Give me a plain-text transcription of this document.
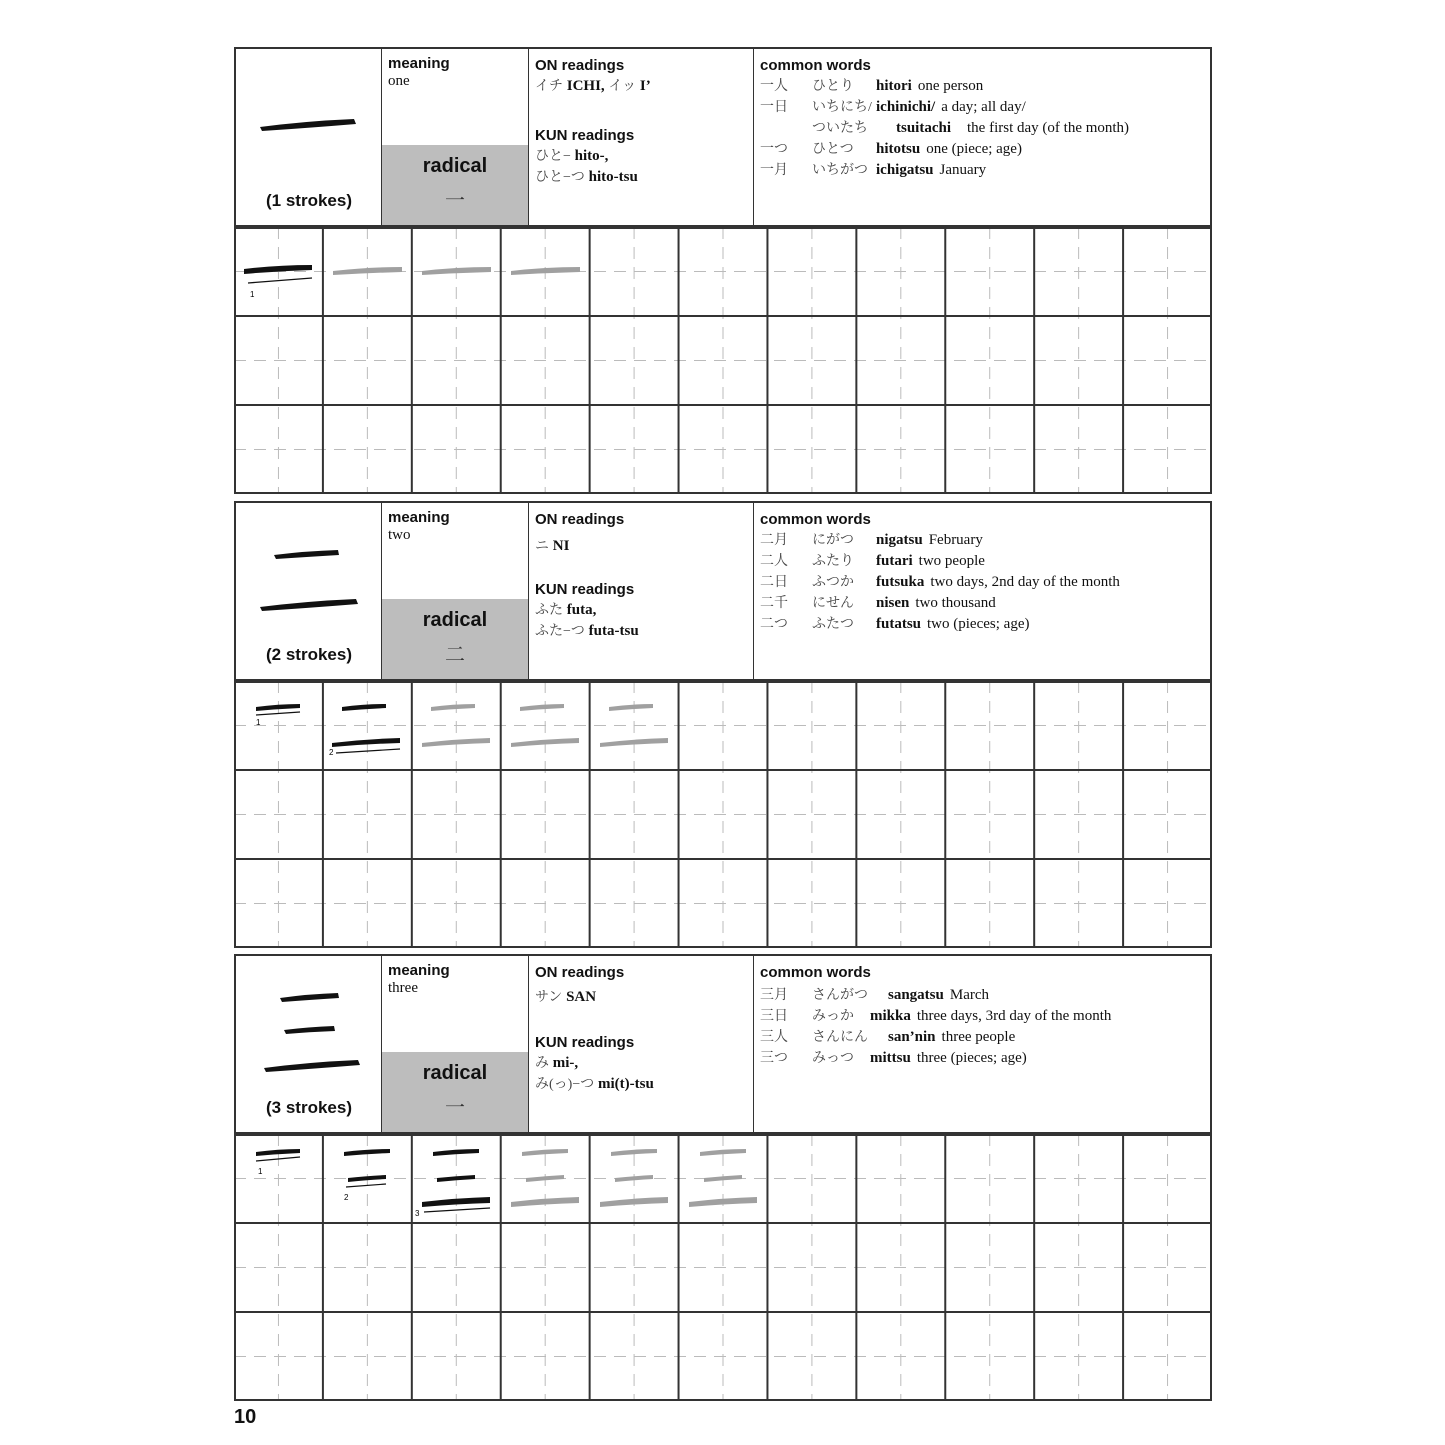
(1 strokes)
meaning
one
radical
一
ON readings
イチ ICHI, イッ I’
KUN readings
ひと− hito-,
ひと−つ hito-tsu
common words
一人 ひとり hitori one person
一日 いちにち/ ichinichi/ a day; all day/
ついたち tsuitachi the first day (of the month)
一つ ひとつ hitotsu one (piece; age)
一月 いちがつ ichigatsu January
1
(2 strokes)
meaning
two
radical
二
ON readings
ニ NI
KUN readings
ふた futa,
ふた−つ futa-tsu
common words
二月 にがつ nigatsu February
二人 ふたり futari two people
二日 ふつか futsuka two days, 2nd day of the month
二千 にせん nisen two thousand
二つ ふたつ futatsu two (pieces; age)
1
2
(3 strokes)
meaning
three
radical
一
ON readings
サン SAN
KUN readings
み mi-,
み(っ)−つ mi(t)-tsu
common words
三月 さんがつ sangatsu March
三日 みっか mikka three days, 3rd day of the month
三人 さんにん san’nin three people
三つ みっつ mittsu three (pieces; age)
1
2
3
10
